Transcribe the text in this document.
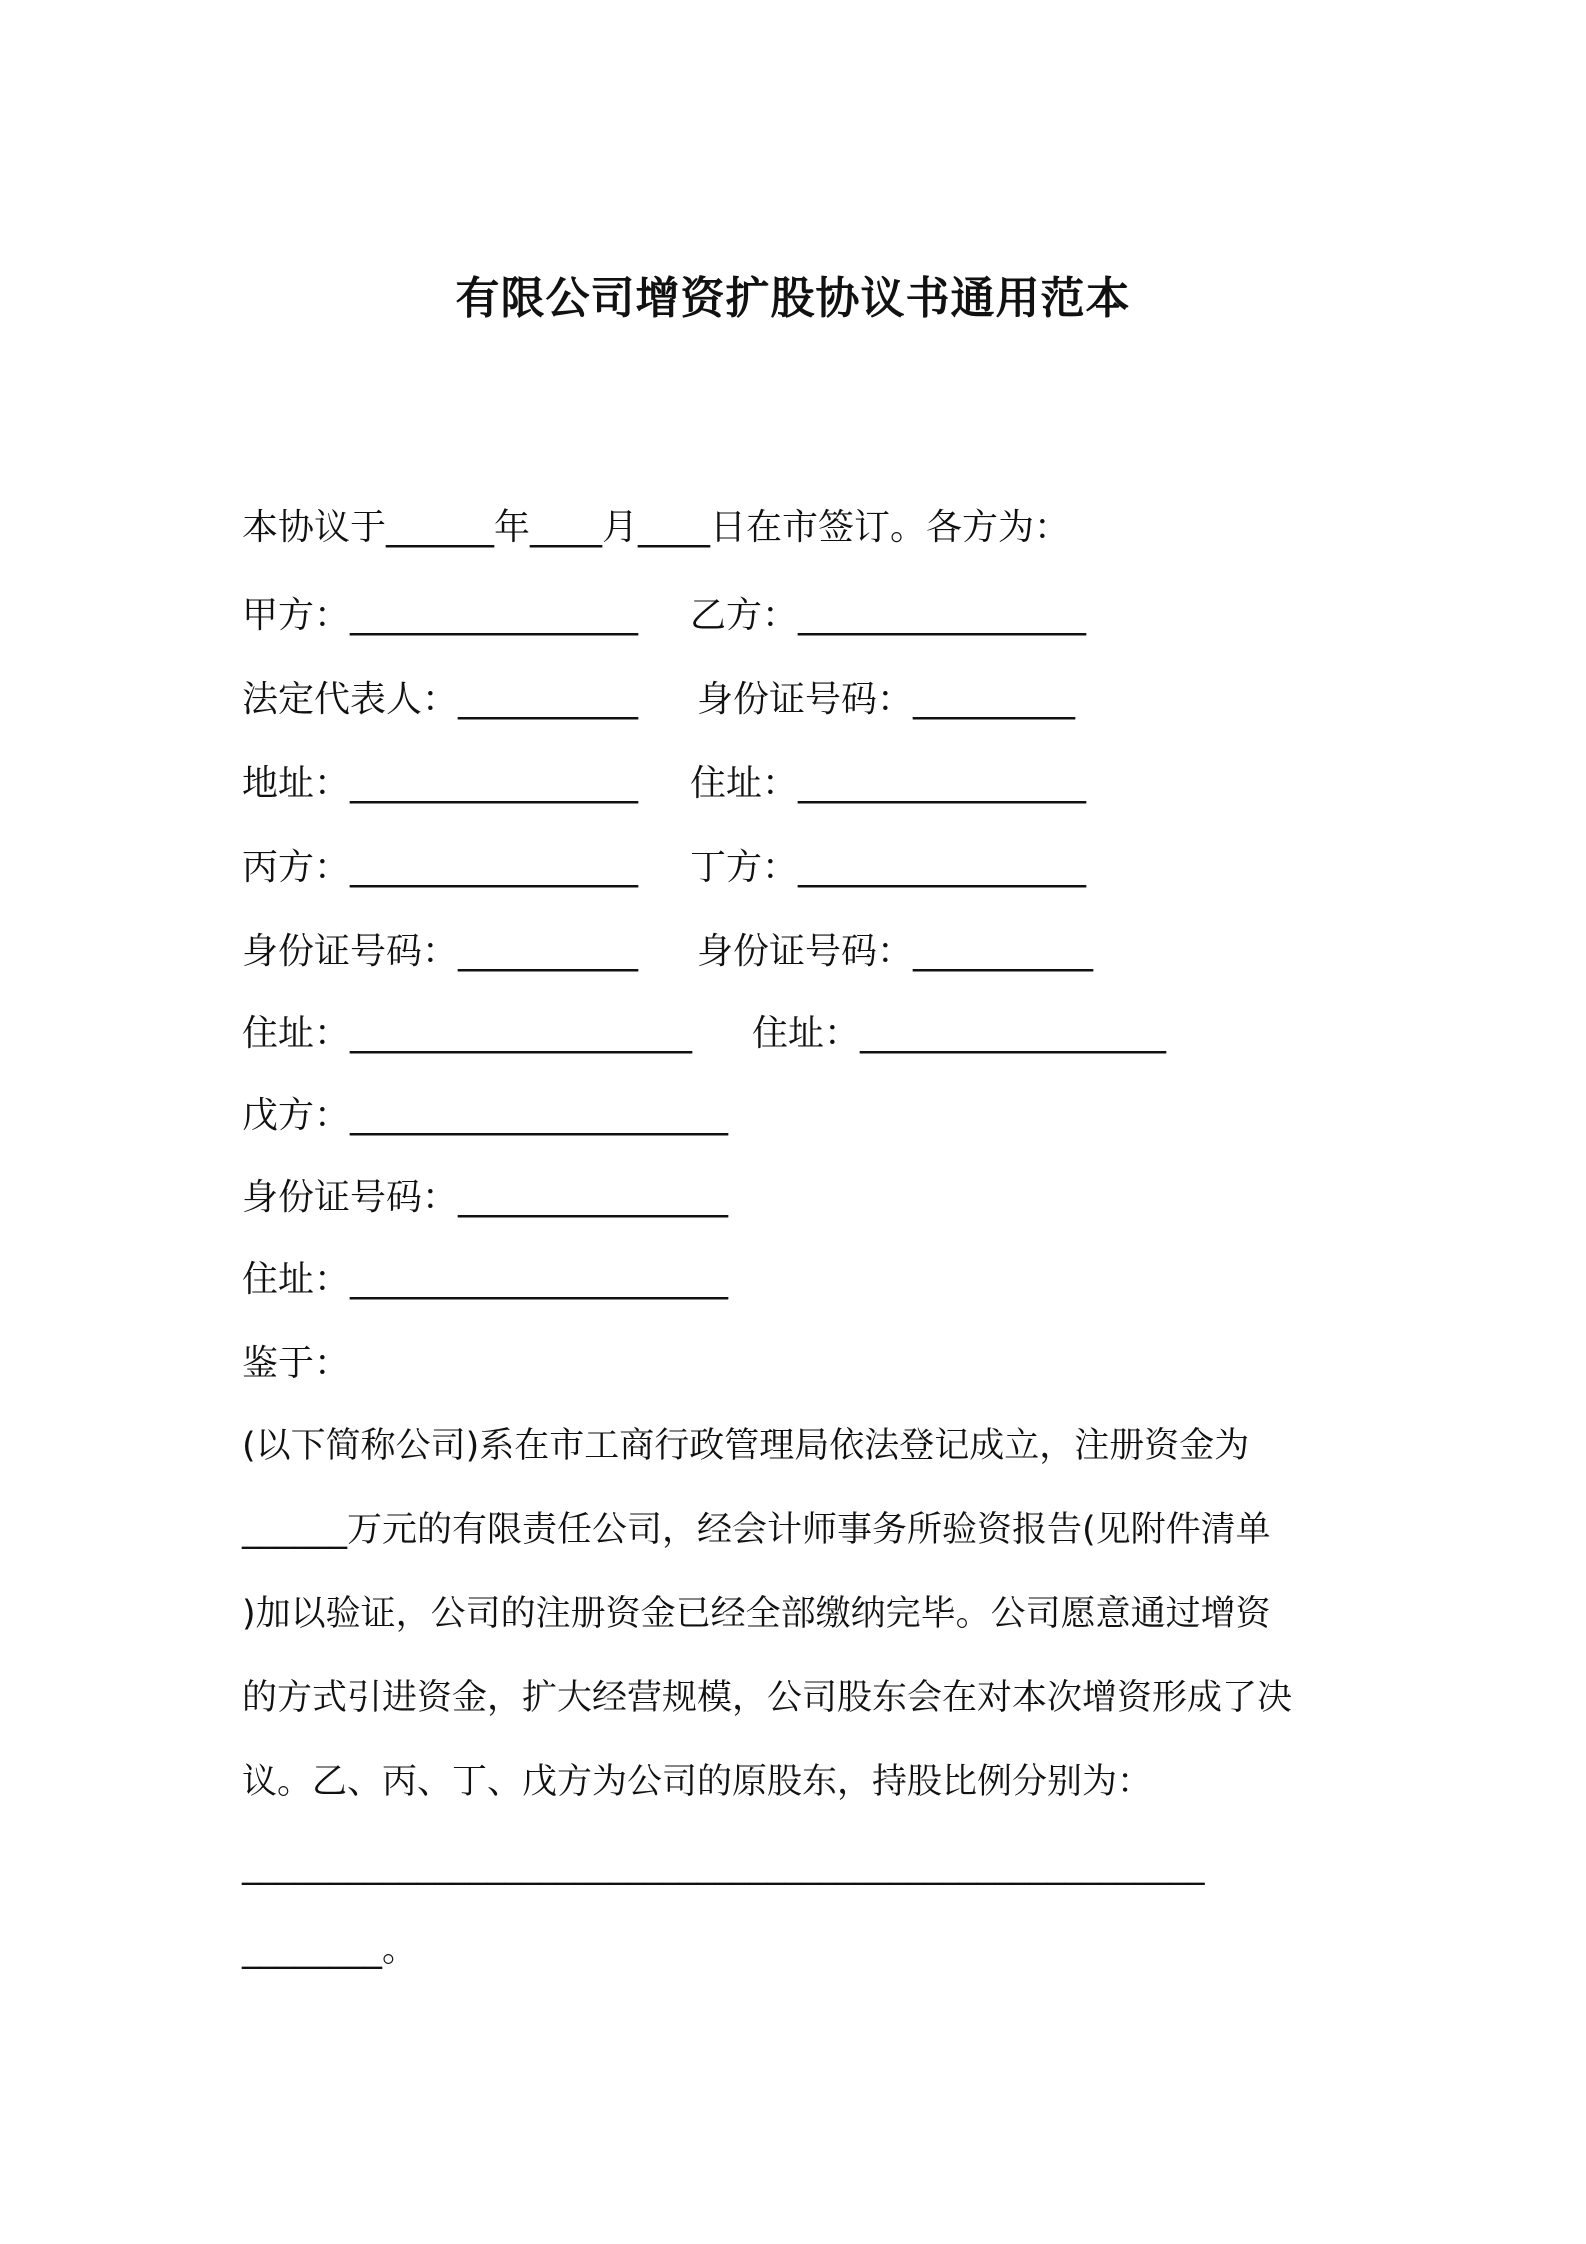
有限公司增资扩股协议书通用范本
本协议于______年____月____日在市签订。各方为：
甲方：________________ 乙方：________________
法定代表人：__________ 身份证号码：_________
地址：________________ 住址：________________
丙方：________________ 丁方：________________
身份证号码：__________ 身份证号码：__________
住址：___________________ 住址：_________________
戊方：_____________________
身份证号码：_______________
住址：_____________________
鉴于：
(以下简称公司)系在市工商行政管理局依法登记成立，注册资金为
______万元的有限责任公司，经会计师事务所验资报告(见附件清单
)加以验证，公司的注册资金已经全部缴纳完毕。公司愿意通过增资
的方式引进资金，扩大经营规模，公司股东会在对本次增资形成了决
议。乙、丙、丁、戊方为公司的原股东，持股比例分别为：
_______________________________________________________
________。
